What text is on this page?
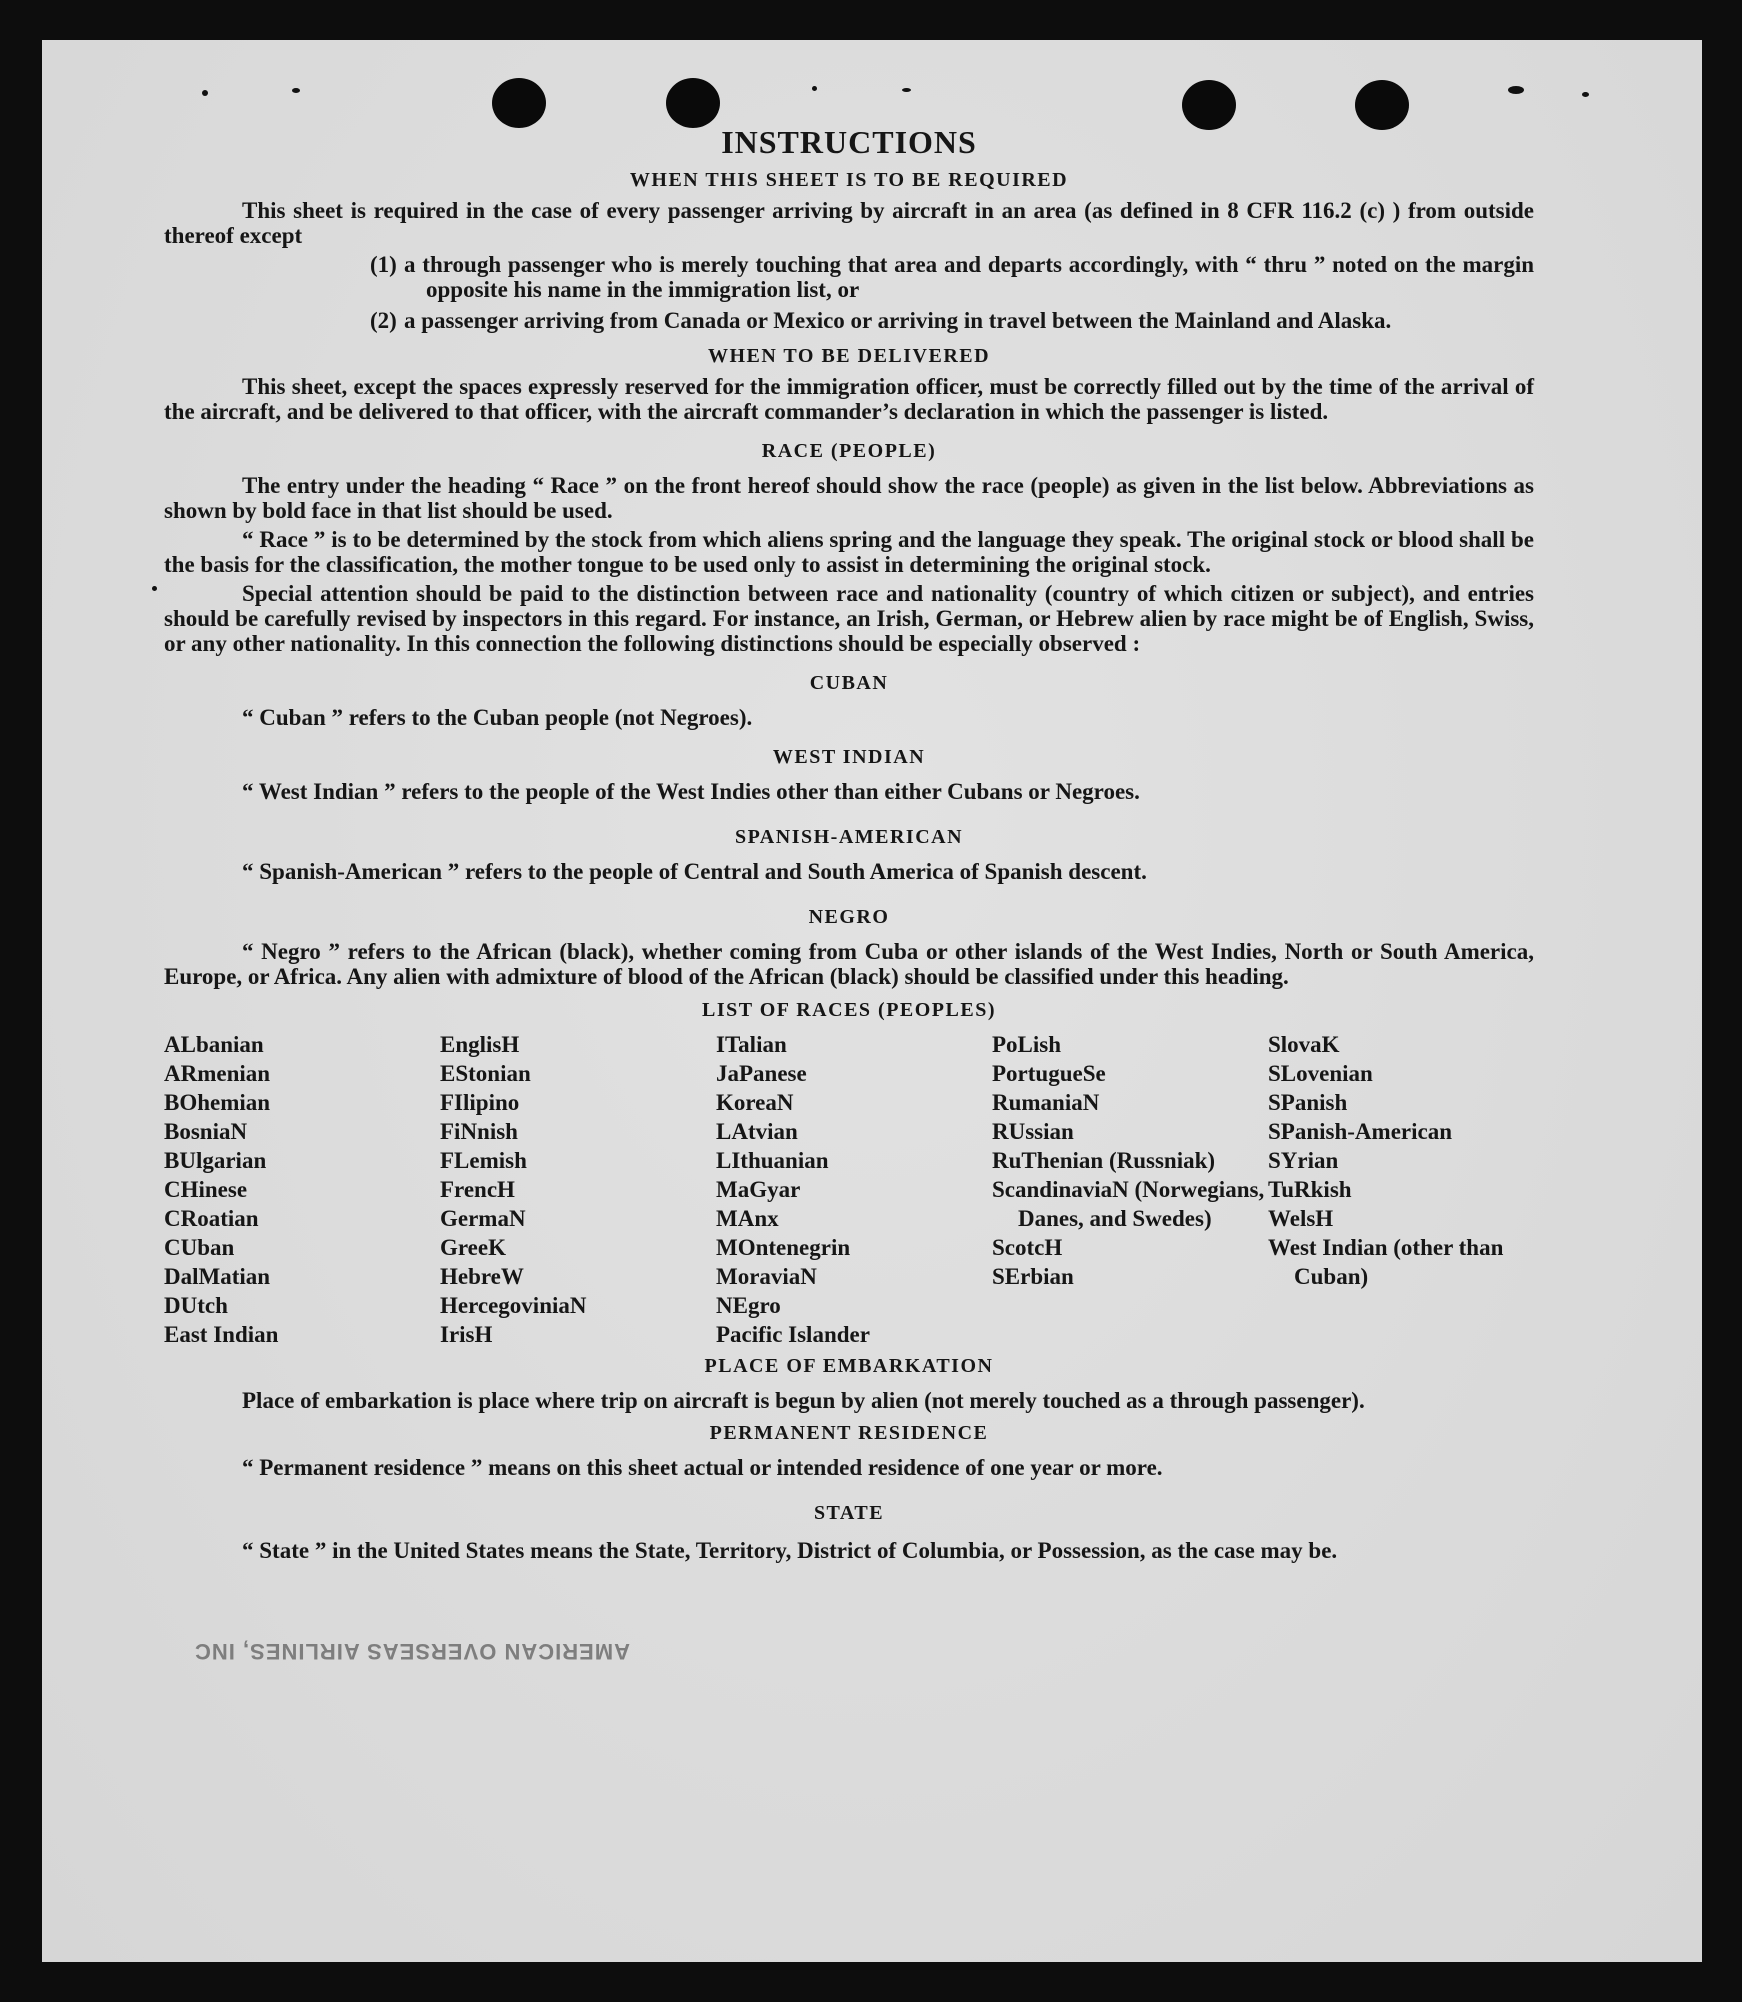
AMERICAN OVERSEAS AIRLINES, INC
INSTRUCTIONS
WHEN THIS SHEET IS TO BE REQUIRED

This sheet is required in the case of every passenger arriving by aircraft in an area (as defined in 8 CFR 116.2 (c) ) from outside thereof except

(1) a through passenger who is merely touching that area and departs accordingly, with “ thru ” noted on the margin opposite his name in the immigration list, or
(2) a passenger arriving from Canada or Mexico or arriving in travel between the Mainland and Alaska.
WHEN TO BE DELIVERED

This sheet, except the spaces expressly reserved for the immigration officer, must be correctly filled out by the time of the arrival of the aircraft, and be delivered to that officer, with the aircraft commander’s declaration in which the passenger is listed.

RACE (PEOPLE)

The entry under the heading “ Race ” on the front hereof should show the race (people) as given in the list below. Abbreviations as shown by bold face in that list should be used.

“ Race ” is to be determined by the stock from which aliens spring and the language they speak. The original stock or blood shall be the basis for the classification, the mother tongue to be used only to assist in determining the original stock.

Special attention should be paid to the distinction between race and nationality (country of which citizen or subject), and entries should be carefully revised by inspectors in this regard. For instance, an Irish, German, or Hebrew alien by race might be of English, Swiss, or any other nationality. In this connection the following distinctions should be especially observed :

CUBAN

“ Cuban ” refers to the Cuban people (not Negroes).

WEST INDIAN

“ West Indian ” refers to the people of the West Indies other than either Cubans or Negroes.

SPANISH-AMERICAN

“ Spanish-American ” refers to the people of Central and South America of Spanish descent.

NEGRO

“ Negro ” refers to the African (black), whether coming from Cuba or other islands of the West Indies, North or South America, Europe, or Africa. Any alien with admixture of blood of the African (black) should be classified under this heading.

LIST OF RACES (PEOPLES)
ALbanian
ARmenian
BOhemian
BosniaN
BUlgarian
CHinese
CRoatian
CUban
DalMatian
DUtch
East Indian
EnglisH
EStonian
FIlipino
FiNnish
FLemish
FrencH
GermaN
GreeK
HebreW
HercegoviniaN
IrisH
ITalian
JaPanese
KoreaN
LAtvian
LIthuanian
MaGyar
MAnx
MOntenegrin
MoraviaN
NEgro
Pacific Islander
PoLish
PortugueSe
RumaniaN
RUssian
RuThenian (Russniak)
ScandinaviaN (Norwegians, Danes, and Swedes)
ScotcH
SErbian
SlovaK
SLovenian
SPanish
SPanish-American
SYrian
TuRkish
WelsH
West Indian (other than Cuban)
PLACE OF EMBARKATION

Place of embarkation is place where trip on aircraft is begun by alien (not merely touched as a through passenger).

PERMANENT RESIDENCE

“ Permanent residence ” means on this sheet actual or intended residence of one year or more.

STATE

“ State ” in the United States means the State, Territory, District of Columbia, or Possession, as the case may be.
